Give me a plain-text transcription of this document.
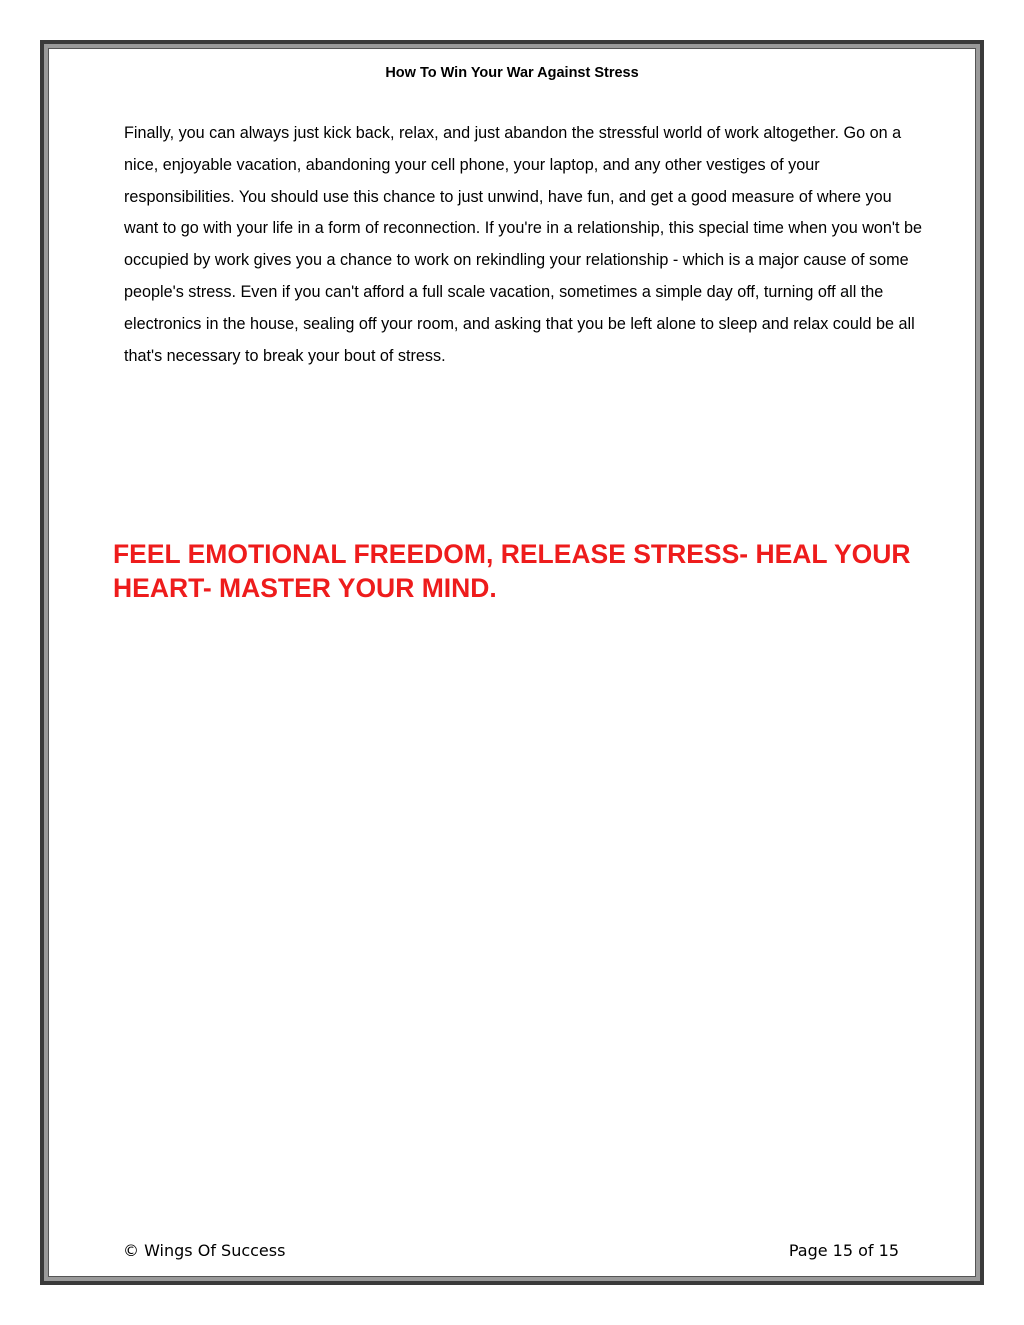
How To Win Your War Against Stress

Finally, you can always just kick back, relax, and just abandon the stressful world of work altogether. Go on a nice, enjoyable vacation, abandoning your cell phone, your laptop, and any other vestiges of your responsibilities. You should use this chance to just unwind, have fun, and get a good measure of where you want to go with your life in a form of reconnection. If you're in a relationship, this special time when you won't be occupied by work gives you a chance to work on rekindling your relationship - which is a major cause of some people's stress. Even if you can't afford a full scale vacation, sometimes a simple day off, turning off all the electronics in the house, sealing off your room, and asking that you be left alone to sleep and relax could be all that's necessary to break your bout of stress.

FEEL EMOTIONAL FREEDOM, RELEASE STRESS- HEAL YOUR HEART- MASTER YOUR MIND.
© Wings Of Success	Page 15 of 15
